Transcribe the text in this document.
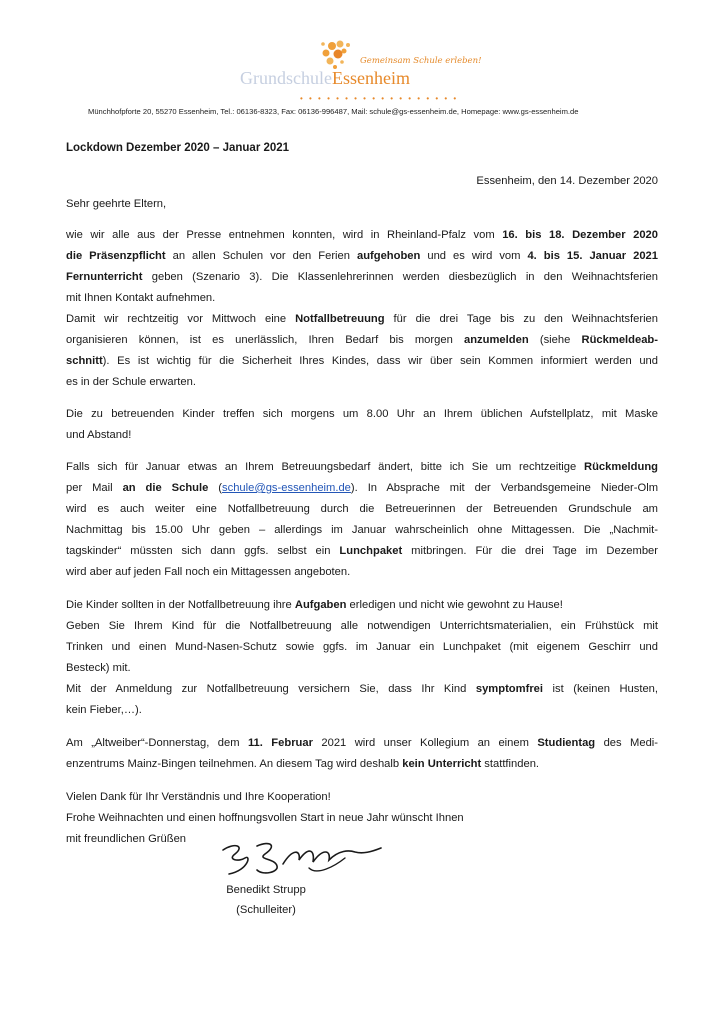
Gemeinsam Schule erleben!
GrundschuleEssenheim
• • • • • • • • • • • • • • • • • •
Münchhofpforte 20, 55270 Essenheim, Tel.: 06136-8323, Fax: 06136-996487, Mail: schule@gs-essenheim.de, Homepage: www.gs-essenheim.de
Lockdown Dezember 2020 – Januar 2021
Essenheim, den 14. Dezember 2020
Sehr geehrte Eltern,
wie wir alle aus der Presse entnehmen konnten, wird in Rheinland-Pfalz vom 16. bis 18. Dezember 2020
die Präsenzpflicht an allen Schulen vor den Ferien aufgehoben und es wird vom 4. bis 15. Januar 2021
Fernunterricht geben (Szenario 3). Die Klassenlehrerinnen werden diesbezüglich in den Weihnachtsferien
mit Ihnen Kontakt aufnehmen.
Damit wir rechtzeitig vor Mittwoch eine Notfallbetreuung für die drei Tage bis zu den Weihnachtsferien
organisieren können, ist es unerlässlich, Ihren Bedarf bis morgen anzumelden (siehe Rückmeldeab-
schnitt). Es ist wichtig für die Sicherheit Ihres Kindes, dass wir über sein Kommen informiert werden und
es in der Schule erwarten.
Die zu betreuenden Kinder treffen sich morgens um 8.00 Uhr an Ihrem üblichen Aufstellplatz, mit Maske
und Abstand!
Falls sich für Januar etwas an Ihrem Betreuungsbedarf ändert, bitte ich Sie um rechtzeitige Rückmeldung
per Mail an die Schule (schule@gs-essenheim.de). In Absprache mit der Verbandsgemeine Nieder-Olm
wird es auch weiter eine Notfallbetreuung durch die Betreuerinnen der Betreuenden Grundschule am
Nachmittag bis 15.00 Uhr geben – allerdings im Januar wahrscheinlich ohne Mittagessen. Die „Nachmit-
tagskinder“ müssten sich dann ggfs. selbst ein Lunchpaket mitbringen. Für die drei Tage im Dezember
wird aber auf jeden Fall noch ein Mittagessen angeboten.
Die Kinder sollten in der Notfallbetreuung ihre Aufgaben erledigen und nicht wie gewohnt zu Hause!
Geben Sie Ihrem Kind für die Notfallbetreuung alle notwendigen Unterrichtsmaterialien, ein Frühstück mit
Trinken und einen Mund-Nasen-Schutz sowie ggfs. im Januar ein Lunchpaket (mit eigenem Geschirr und
Besteck) mit.
Mit der Anmeldung zur Notfallbetreuung versichern Sie, dass Ihr Kind symptomfrei ist (keinen Husten,
kein Fieber,…).
Am „Altweiber“-Donnerstag, dem 11. Februar 2021 wird unser Kollegium an einem Studientag des Medi-
enzentrums Mainz-Bingen teilnehmen. An diesem Tag wird deshalb kein Unterricht stattfinden.
Vielen Dank für Ihr Verständnis und Ihre Kooperation!
Frohe Weihnachten und einen hoffnungsvollen Start in neue Jahr wünscht Ihnen
mit freundlichen Grüßen
Benedikt Strupp
(Schulleiter)
